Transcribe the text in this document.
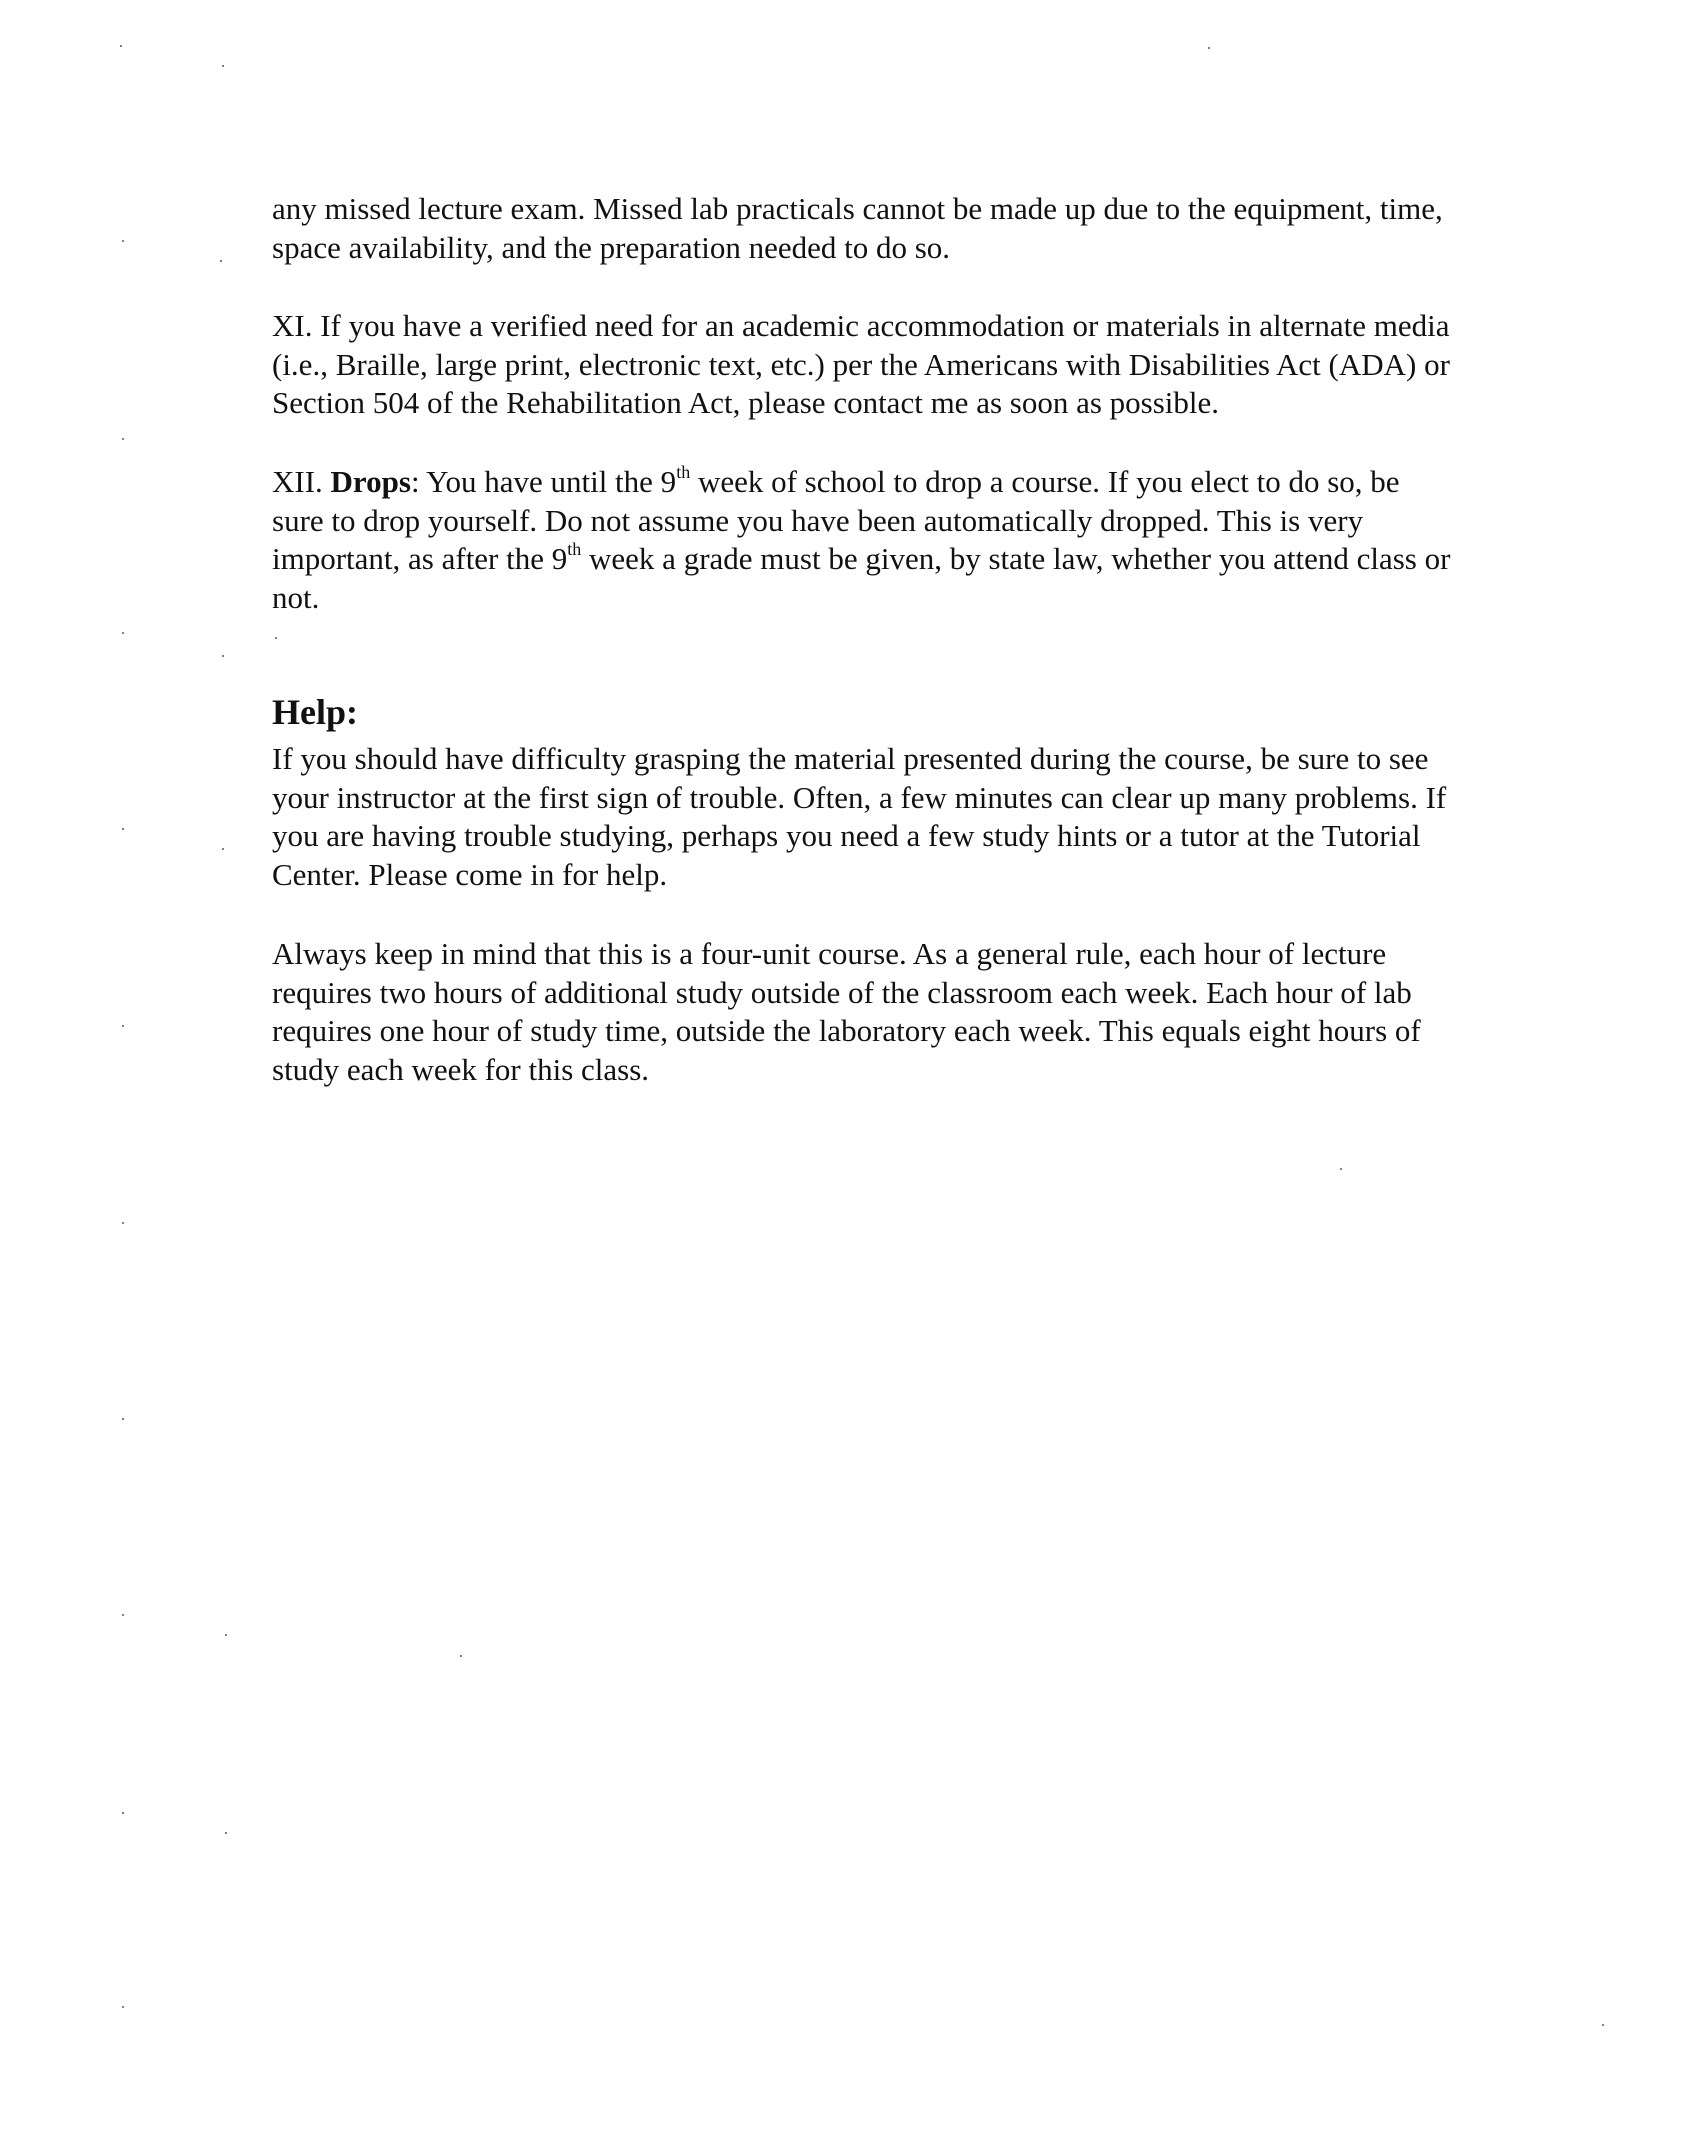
any missed lecture exam. Missed lab practicals cannot be made up due to the equipment, time,
space availability, and the preparation needed to do so.

XI. If you have a verified need for an academic accommodation or materials in alternate media
(i.e., Braille, large print, electronic text, etc.) per the Americans with Disabilities Act (ADA) or
Section 504 of the Rehabilitation Act, please contact me as soon as possible.

XII. Drops: You have until the 9th week of school to drop a course. If you elect to do so, be
sure to drop yourself. Do not assume you have been automatically dropped. This is very
important, as after the 9th week a grade must be given, by state law, whether you attend class or
not.

Help:

If you should have difficulty grasping the material presented during the course, be sure to see
your instructor at the first sign of trouble. Often, a few minutes can clear up many problems. If
you are having trouble studying, perhaps you need a few study hints or a tutor at the Tutorial
Center. Please come in for help.

Always keep in mind that this is a four-unit course. As a general rule, each hour of lecture
requires two hours of additional study outside of the classroom each week. Each hour of lab
requires one hour of study time, outside the laboratory each week. This equals eight hours of
study each week for this class.
